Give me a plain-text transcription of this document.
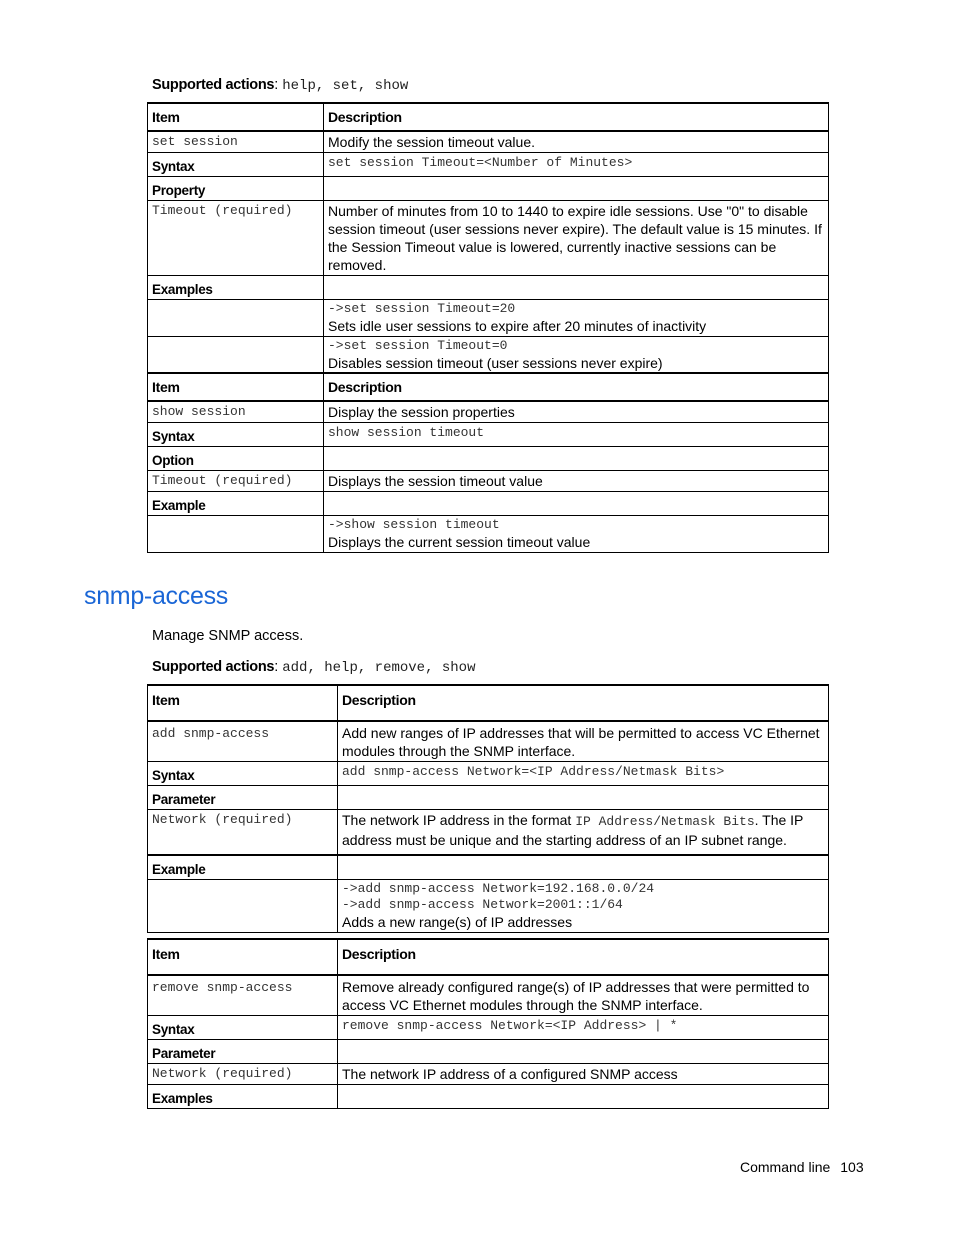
Supported actions: help, set, show
Item	Description
set session	Modify the session timeout value.
Syntax	set session Timeout=<Number of Minutes>
Property	
Timeout (required)	Number of minutes from 10 to 1440 to expire idle sessions. Use "0" to disable session timeout (user sessions never expire). The default value is 15 minutes. If the Session Timeout value is lowered, currently inactive sessions can be removed.
Examples	

	->set session Timeout=20
Sets idle user sessions to expire after 20 minutes of inactivity

	->set session Timeout=0
Disables session timeout (user sessions never expire)
Item	Description
show session	Display the session properties
Syntax	show session timeout
Option	
Timeout (required)	Displays the session timeout value
Example	

	->show session timeout
Displays the current session timeout value
snmp-access
Manage SNMP access.
Supported actions: add, help, remove, show
Item	Description
add snmp-access	Add new ranges of IP addresses that will be permitted to access VC Ethernet modules through the SNMP interface.
Syntax	add snmp-access Network=<IP Address/Netmask Bits>
Parameter	
Network (required)	The network IP address in the format IP Address/Netmask Bits. The IP address must be unique and the starting address of an IP subnet range.
Example	

	->add snmp-access Network=192.168.0.0/24
->add snmp-access Network=2001::1/64
Adds a new range(s) of IP addresses
Item	Description
remove snmp-access	Remove already configured range(s) of IP addresses that were permitted to access VC Ethernet modules through the SNMP interface.
Syntax	remove snmp-access Network=<IP Address> | *
Parameter	
Network (required)	The network IP address of a configured SNMP access
Examples	
Command line 103
